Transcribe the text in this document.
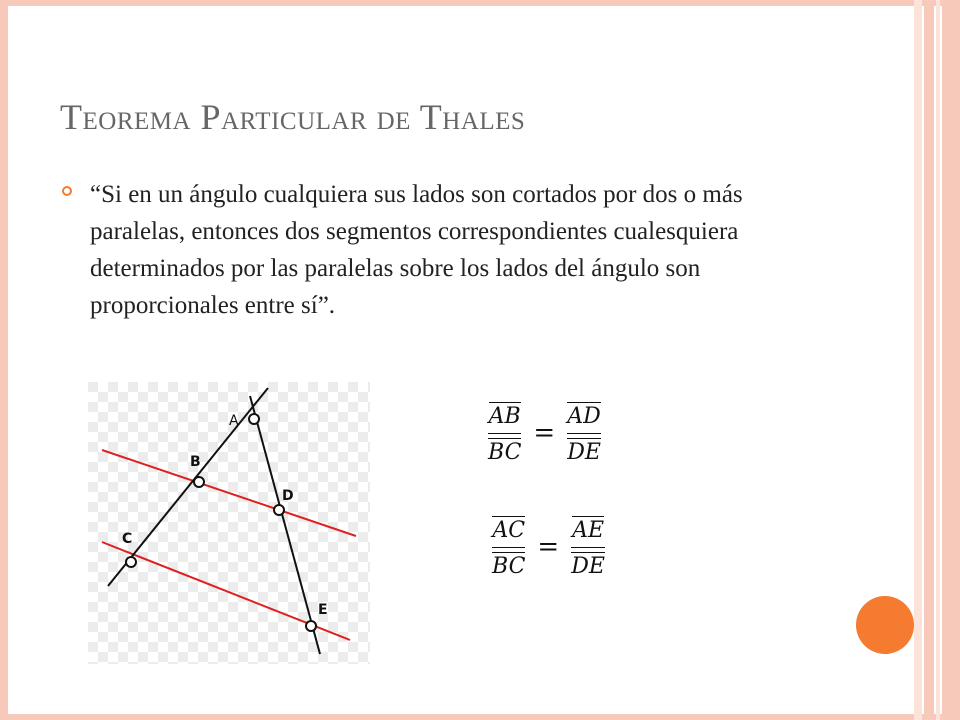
Teorema Particular de Thales
“Si en un ángulo cualquiera sus lados son cortados por dos o más paralelas, entonces dos segmentos correspondientes cualesquiera determinados por las paralelas sobre los lados del ángulo son proporcionales entre sí”.
A
B
C
D
E
$\frac{AB}{BC} = \frac{AD}{DE}$
$\frac{AC}{BC} = \frac{AE}{DE}$
